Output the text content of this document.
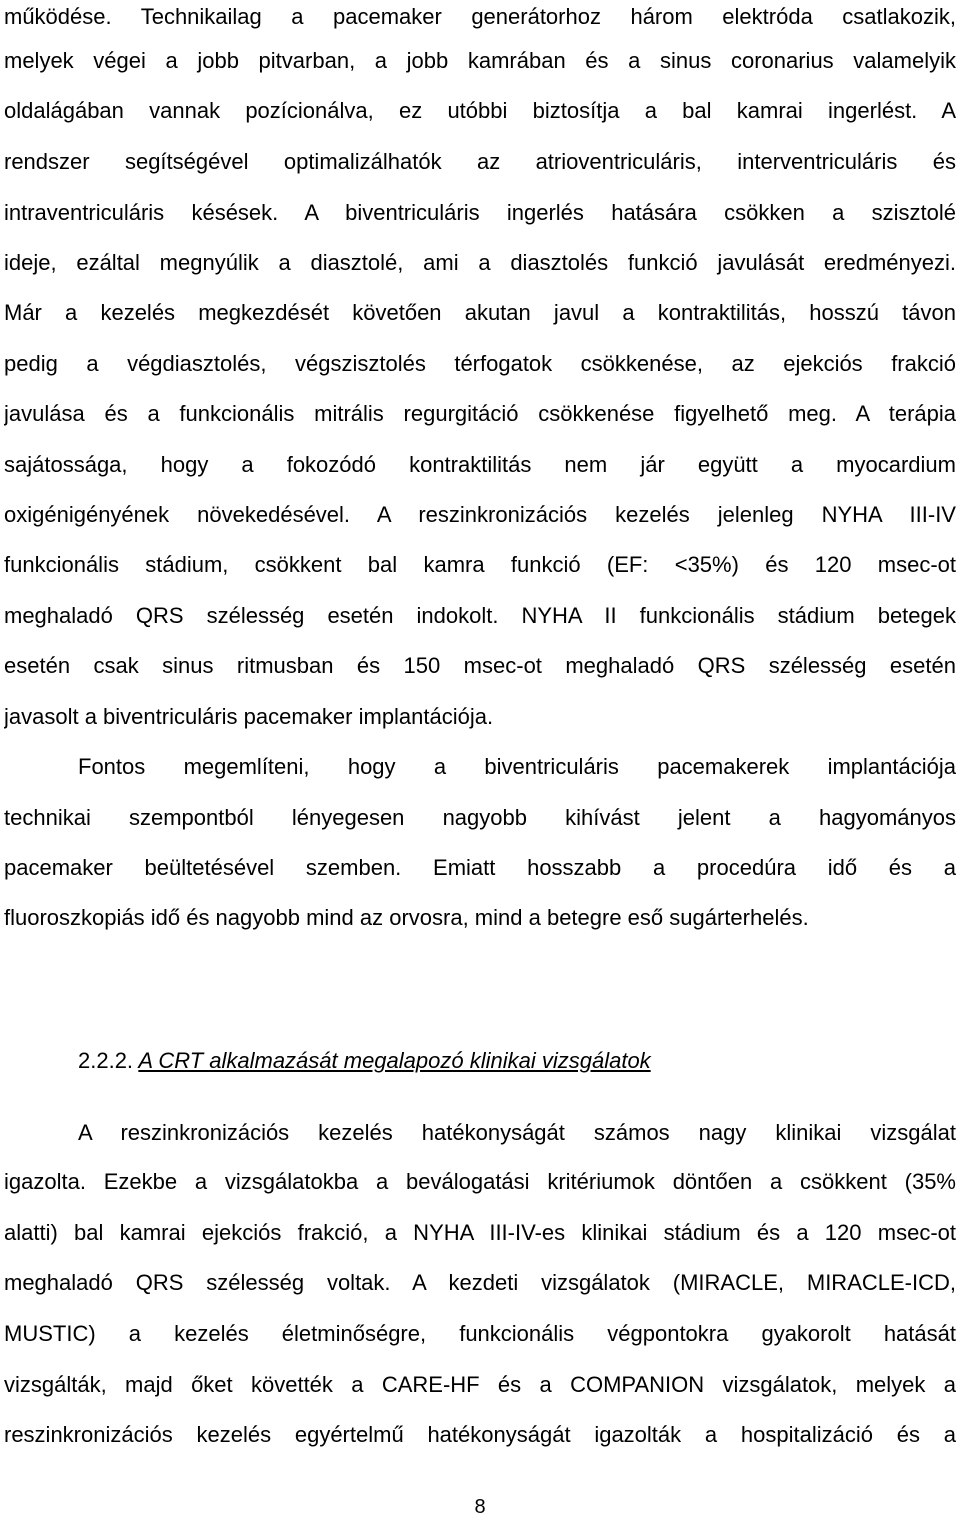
működése. Technikailag a pacemaker generátorhoz három elektróda csatlakozik,
melyek végei a jobb pitvarban, a jobb kamrában és a sinus coronarius valamelyik
oldalágában vannak pozícionálva, ez utóbbi biztosítja a bal kamrai ingerlést. A
rendszer segítségével optimalizálhatók az atrioventriculáris, interventriculáris és
intraventriculáris késések. A biventriculáris ingerlés hatására csökken a szisztolé
ideje, ezáltal megnyúlik a diasztolé, ami a diasztolés funkció javulását eredményezi.
Már a kezelés megkezdését követően akutan javul a kontraktilitás, hosszú távon
pedig a végdiasztolés, végszisztolés térfogatok csökkenése, az ejekciós frakció
javulása és a funkcionális mitrális regurgitáció csökkenése figyelhető meg. A terápia
sajátossága, hogy a fokozódó kontraktilitás nem jár együtt a myocardium
oxigénigényének növekedésével. A reszinkronizációs kezelés jelenleg NYHA III-IV
funkcionális stádium, csökkent bal kamra funkció (EF: <35%) és 120 msec-ot
meghaladó QRS szélesség esetén indokolt. NYHA II funkcionális stádium betegek
esetén csak sinus ritmusban és 150 msec-ot meghaladó QRS szélesség esetén
javasolt a biventriculáris pacemaker implantációja.
Fontos megemlíteni, hogy a biventriculáris pacemakerek implantációja
technikai szempontból lényegesen nagyobb kihívást jelent a hagyományos
pacemaker beültetésével szemben. Emiatt hosszabb a procedúra idő és a
fluoroszkopiás idő és nagyobb mind az orvosra, mind a betegre eső sugárterhelés.
2.2.2. A CRT alkalmazását megalapozó klinikai vizsgálatok
A reszinkronizációs kezelés hatékonyságát számos nagy klinikai vizsgálat
igazolta. Ezekbe a vizsgálatokba a beválogatási kritériumok döntően a csökkent (35%
alatti) bal kamrai ejekciós frakció, a NYHA III-IV-es klinikai stádium és a 120 msec-ot
meghaladó QRS szélesség voltak. A kezdeti vizsgálatok (MIRACLE, MIRACLE-ICD,
MUSTIC) a kezelés életminőségre, funkcionális végpontokra gyakorolt hatását
vizsgálták, majd őket követték a CARE-HF és a COMPANION vizsgálatok, melyek a
reszinkronizációs kezelés egyértelmű hatékonyságát igazolták a hospitalizáció és a
8
